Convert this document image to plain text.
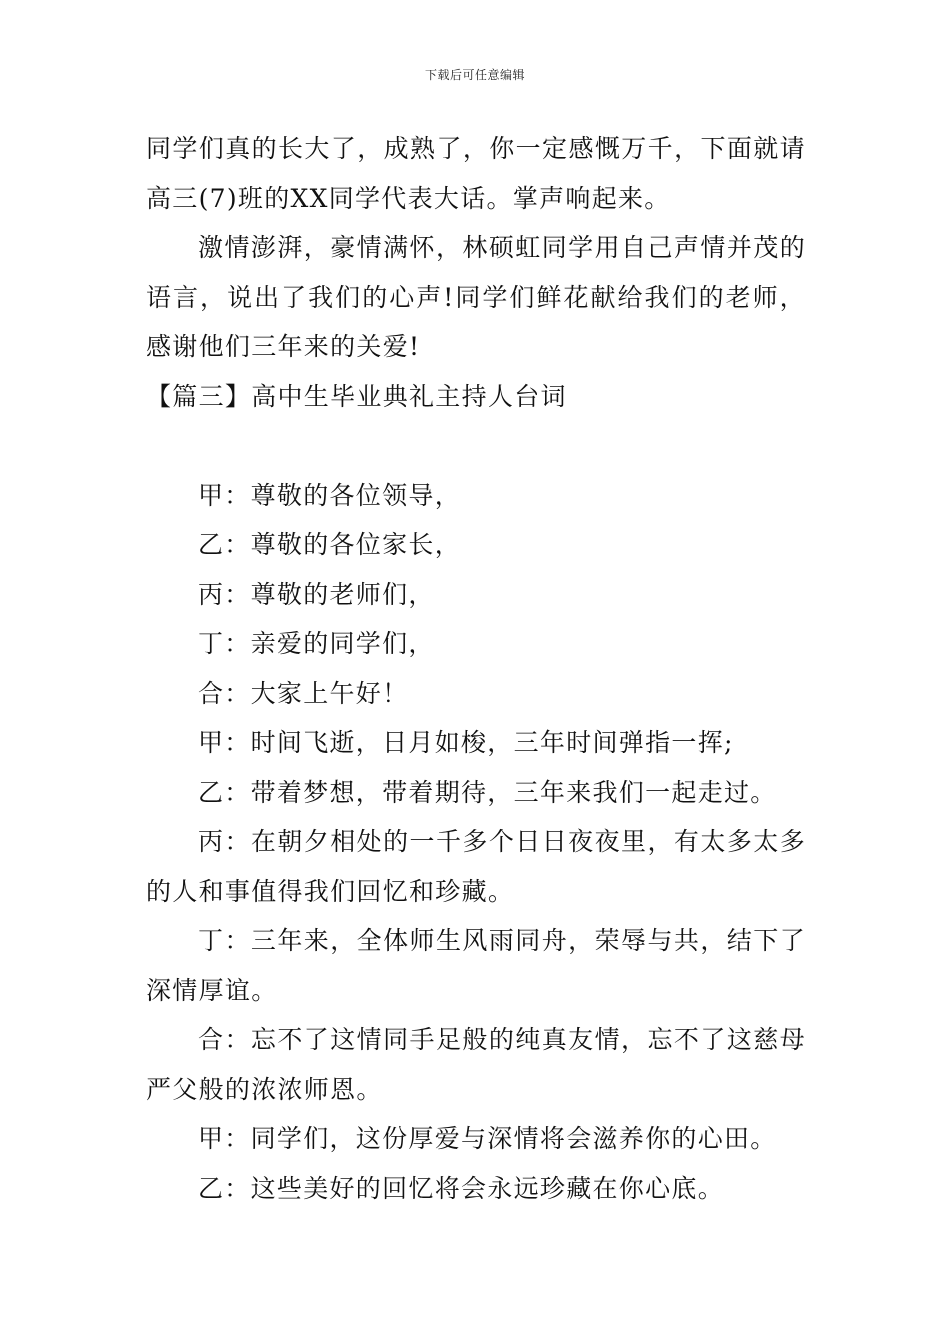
下载后可任意编辑

同学们真的长大了，成熟了，你一定感慨万千，下面就请高三(7)班的XX同学代表大话。掌声响起来。

激情澎湃，豪情满怀，林硕虹同学用自己声情并茂的语言，说出了我们的心声!同学们鲜花献给我们的老师，感谢他们三年来的关爱!

【篇三】高中生毕业典礼主持人台词

甲：尊敬的各位领导，

乙：尊敬的各位家长，

丙：尊敬的老师们，

丁：亲爱的同学们，

合：大家上午好！

甲：时间飞逝，日月如梭，三年时间弹指一挥;

乙：带着梦想，带着期待，三年来我们一起走过。

丙：在朝夕相处的一千多个日日夜夜里，有太多太多的人和事值得我们回忆和珍藏。

丁：三年来，全体师生风雨同舟，荣辱与共，结下了深情厚谊。

合：忘不了这情同手足般的纯真友情，忘不了这慈母严父般的浓浓师恩。

甲：同学们，这份厚爱与深情将会滋养你的心田。

乙：这些美好的回忆将会永远珍藏在你心底。
